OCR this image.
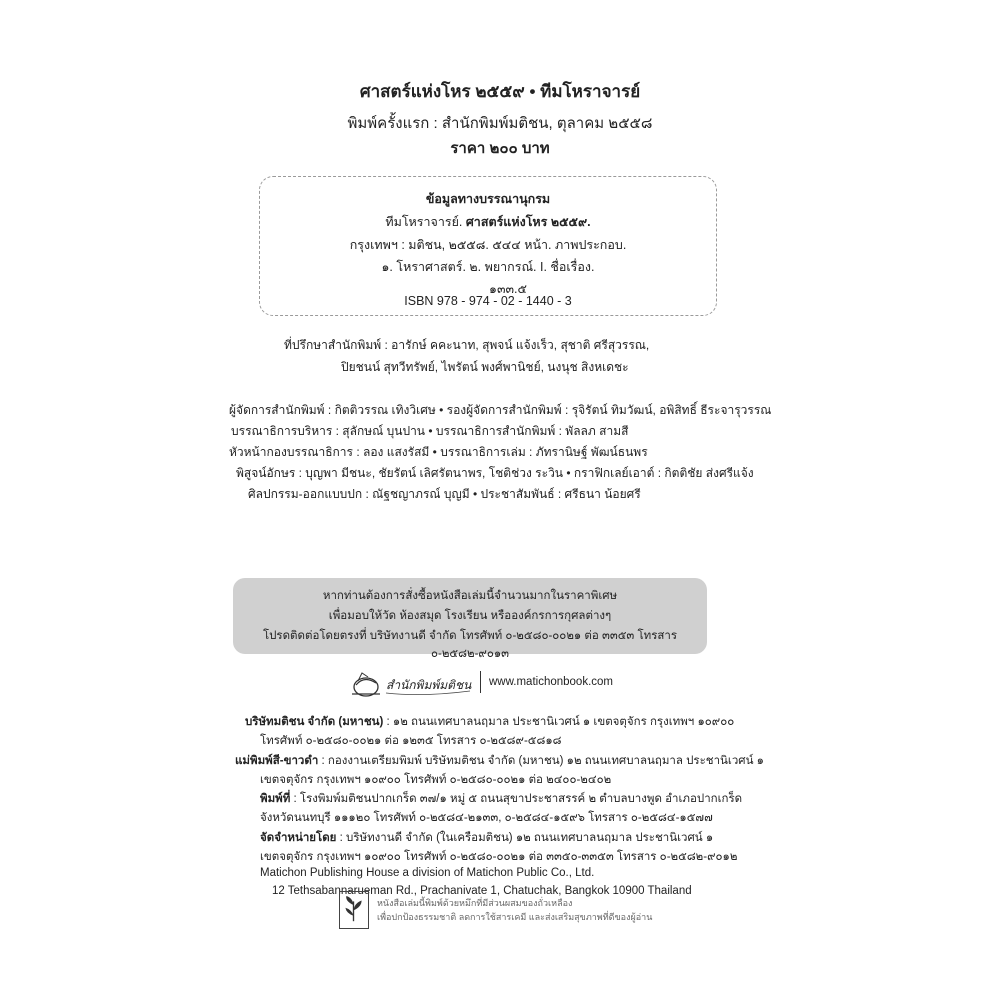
ศาสตร์แห่งโหร ๒๕๕๙ • ทีมโหราจารย์
พิมพ์ครั้งแรก : สำนักพิมพ์มติชน, ตุลาคม ๒๕๕๘
ราคา ๒๐๐ บาท
ข้อมูลทางบรรณานุกรม
ทีมโหราจารย์. ศาสตร์แห่งโหร ๒๕๕๙.
กรุงเทพฯ : มติชน, ๒๕๕๘. ๕๔๔ หน้า. ภาพประกอบ.
๑. โหราศาสตร์. ๒. พยากรณ์. I. ชื่อเรื่อง.
๑๓๓.๕
ISBN 978 - 974 - 02 - 1440 - 3
ที่ปรึกษาสำนักพิมพ์ : อารักษ์ คคะนาท, สุพจน์ แจ้งเร็ว, สุชาติ ศรีสุวรรณ,
ปิยชนน์ สุทวีทรัพย์, ไพรัตน์ พงศ์พานิชย์, นงนุช สิงหเดชะ
ผู้จัดการสำนักพิมพ์ : กิตติวรรณ เทิงวิเศษ • รองผู้จัดการสำนักพิมพ์ : รุจิรัตน์ ทิมวัฒน์, อพิสิทธิ์ ธีระจารุวรรณ
บรรณาธิการบริหาร : สุลักษณ์ บุนปาน • บรรณาธิการสำนักพิมพ์ : พัลลภ สามสี
หัวหน้ากองบรรณาธิการ : ลอง แสงรัสมี • บรรณาธิการเล่ม : ภัทรานิษฐ์ พัฒน์ธนพร
พิสูจน์อักษร : บุญพา มีชนะ, ชัยรัตน์ เลิศรัตนาพร, โชติช่วง ระวิน • กราฟิกเลย์เอาต์ : กิตติชัย ส่งศรีแจ้ง
ศิลปกรรม-ออกแบบปก : ณัฐชญาภรณ์ บุญมี • ประชาสัมพันธ์ : ศรีธนา น้อยศรี
หากท่านต้องการสั่งซื้อหนังสือเล่มนี้จำนวนมากในราคาพิเศษ
เพื่อมอบให้วัด ห้องสมุด โรงเรียน หรือองค์กรการกุศลต่างๆ
โปรดติดต่อโดยตรงที่ บริษัทงานดี จำกัด โทรศัพท์ ๐-๒๕๘๐-๐๐๒๑ ต่อ ๓๓๕๓ โทรสาร ๐-๒๕๘๒-๙๐๑๓
สำนักพิมพ์มติชน www.matichonbook.com
บริษัทมติชน จำกัด (มหาชน) : ๑๒ ถนนเทศบาลนฤมาล ประชานิเวศน์ ๑ เขตจตุจักร กรุงเทพฯ ๑๐๙๐๐
โทรศัพท์ ๐-๒๕๘๐-๐๐๒๑ ต่อ ๑๒๓๕ โทรสาร ๐-๒๕๘๙-๕๘๑๘
แม่พิมพ์สี-ขาวดำ : กองงานเตรียมพิมพ์ บริษัทมติชน จำกัด (มหาชน) ๑๒ ถนนเทศบาลนฤมาล ประชานิเวศน์ ๑
เขตจตุจักร กรุงเทพฯ ๑๐๙๐๐ โทรศัพท์ ๐-๒๕๘๐-๐๐๒๑ ต่อ ๒๔๐๐-๒๔๐๒
พิมพ์ที่ : โรงพิมพ์มติชนปากเกร็ด ๓๗/๑ หมู่ ๕ ถนนสุขาประชาสรรค์ ๒ ตำบลบางพูด อำเภอปากเกร็ด
จังหวัดนนทบุรี ๑๑๑๒๐ โทรศัพท์ ๐-๒๕๘๔-๒๑๓๓, ๐-๒๕๘๔-๑๕๙๖ โทรสาร ๐-๒๕๘๔-๑๕๗๗
จัดจำหน่ายโดย : บริษัทงานดี จำกัด (ในเครือมติชน) ๑๒ ถนนเทศบาลนฤมาล ประชานิเวศน์ ๑
เขตจตุจักร กรุงเทพฯ ๑๐๙๐๐ โทรศัพท์ ๐-๒๕๘๐-๐๐๒๑ ต่อ ๓๓๕๐-๓๓๕๓ โทรสาร ๐-๒๕๘๒-๙๐๑๒
Matichon Publishing House a division of Matichon Public Co., Ltd.
12 Tethsabannarueman Rd., Prachanivate 1, Chatuchak, Bangkok 10900 Thailand
หนังสือเล่มนี้พิมพ์ด้วยหมึกที่มีส่วนผสมของถั่วเหลือง
เพื่อปกป้องธรรมชาติ ลดการใช้สารเคมี และส่งเสริมสุขภาพที่ดีของผู้อ่าน
